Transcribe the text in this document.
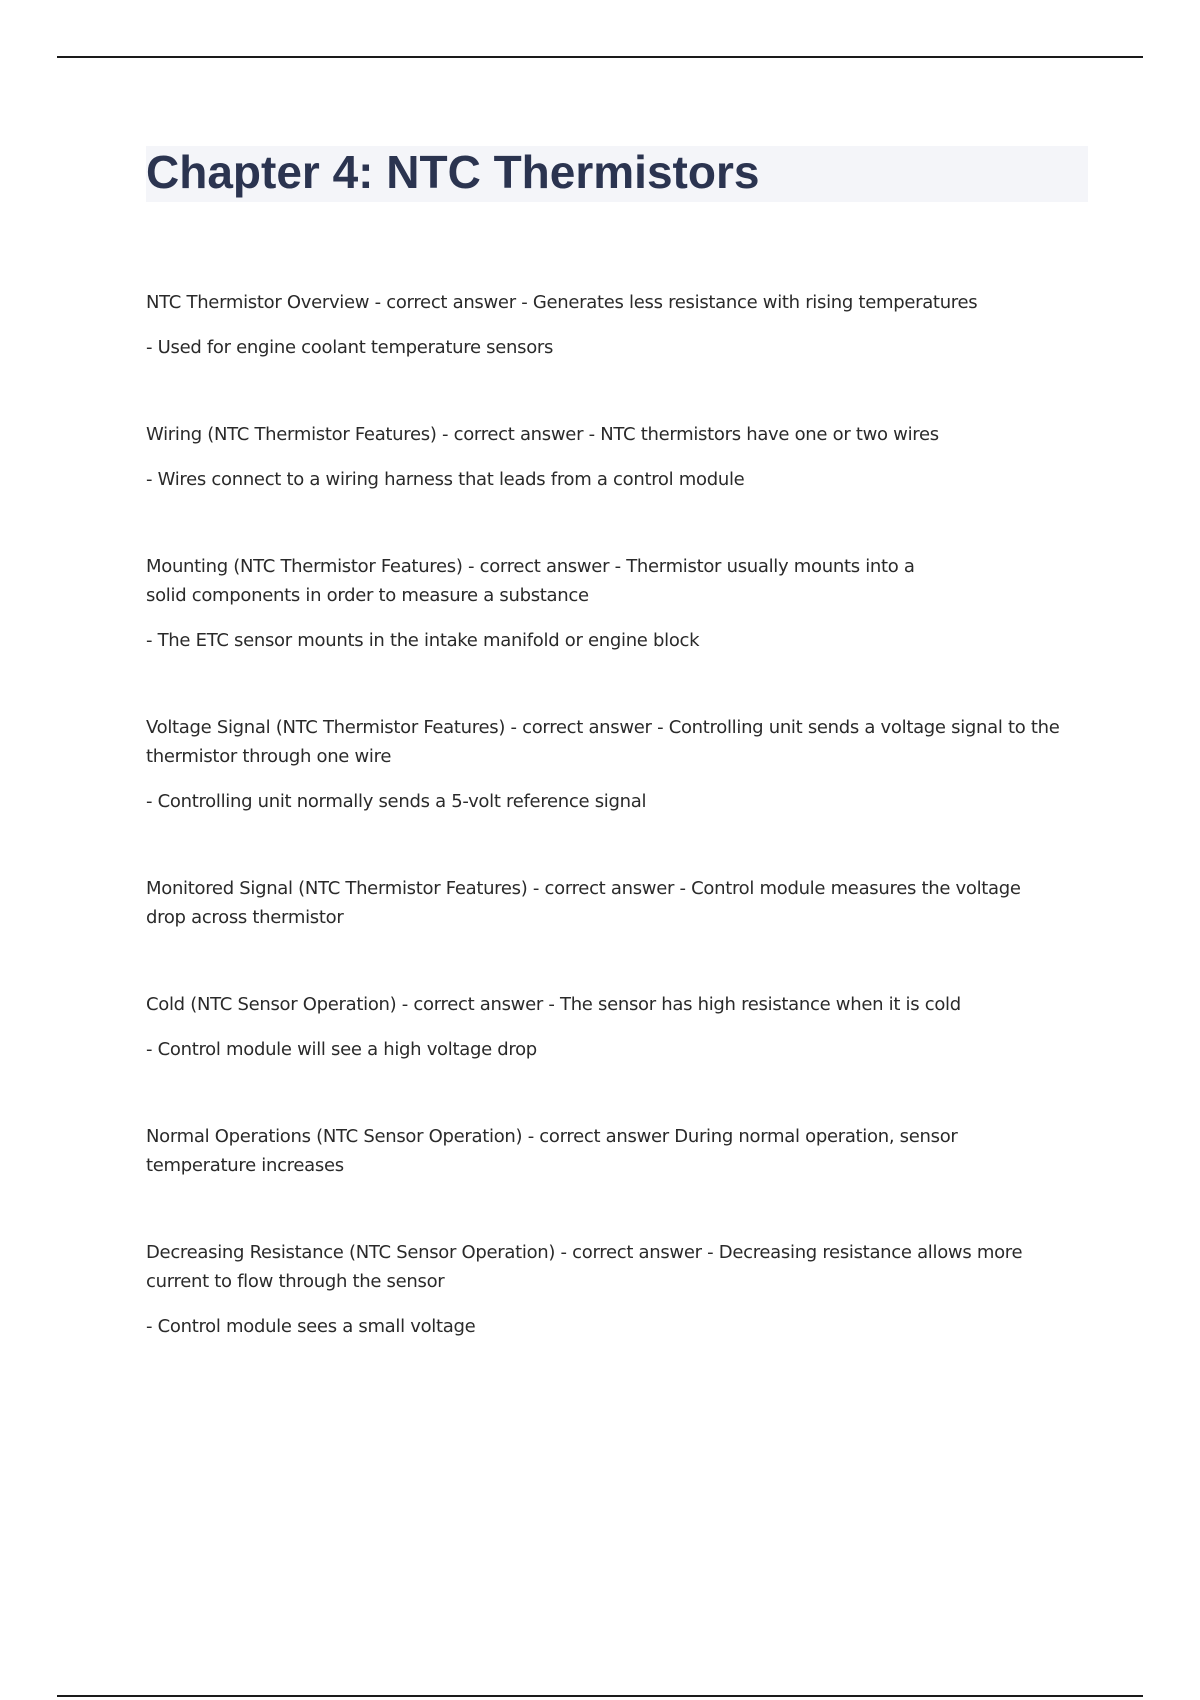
Chapter 4: NTC Thermistors

NTC Thermistor Overview - correct answer - Generates less resistance with rising temperatures

- Used for engine coolant temperature sensors

Wiring (NTC Thermistor Features) - correct answer - NTC thermistors have one or two wires

- Wires connect to a wiring harness that leads from a control module

Mounting (NTC Thermistor Features) - correct answer - Thermistor usually mounts into a solid components in order to measure a substance

- The ETC sensor mounts in the intake manifold or engine block

Voltage Signal (NTC Thermistor Features) - correct answer - Controlling unit sends a voltage signal to the thermistor through one wire

- Controlling unit normally sends a 5-volt reference signal

Monitored Signal (NTC Thermistor Features) - correct answer - Control module measures the voltage drop across thermistor

Cold (NTC Sensor Operation) - correct answer - The sensor has high resistance when it is cold

- Control module will see a high voltage drop

Normal Operations (NTC Sensor Operation) - correct answer During normal operation, sensor temperature increases

Decreasing Resistance (NTC Sensor Operation) - correct answer - Decreasing resistance allows more current to flow through the sensor

- Control module sees a small voltage
